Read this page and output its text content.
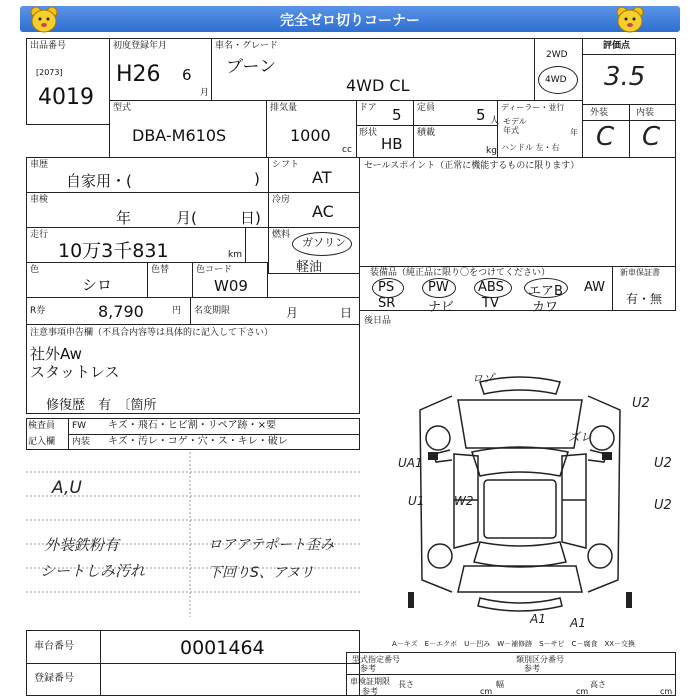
完全ゼロ切りコーナー
出品番号
[2073]
4019
初度登録年月
H26 6
月
車名・グレード
ブーン
4WD CL
2WD
4WD
評価点
3.5
外装	内装
C C
型式
DBA-M610S
排気量
1000
cc
ドア 5 定員	5 人
形状
HB
積載
kg
ディーラー・並行
モデル年式	年
ハンドル 左・右
車歴
自家用・(	)
シフト
AT
セールスポイント（正常に機能するものに限ります）
車検
年	月(	日)
冷房
AC
走行
10万3千831	km
燃料
ガソリン
軽油
色
シロ
色替	色コード
W09
装備品（純正品に限り〇をつけてください）
PS	PW ABS エアB AW
SR	ナビ TV	カワ
新車保証書
有・無
R券	8,790	円 名変期限	月	日
後日品
注意事項申告欄（不具合内容等は具体的に記入して下さい）
社外Aw
スタットレス
修復歴　有　〔箇所
検査員
記入欄
FW
内装
キズ・飛石・ヒビ割・リペア跡・×要
キズ・汚レ・コゲ・穴・ス・キレ・破レ
A,U
外装鉄粉有
シートしみ汚れ
ロアアテポート歪み
下回りS、アヌリ
ロゾ
U2
ズレ
UA1	U2
U1 W2	U2
A1 A1
A－キズ　E－エクボ　U－凹み　W－補修跡　S－サビ　C－腐食　XX－交換
車台番号	0001464
登録番号
型式指定番号
参考
類別区分番号
参考
車検証期限
参考
長さ
cm
幅
cm
高さ
cm
